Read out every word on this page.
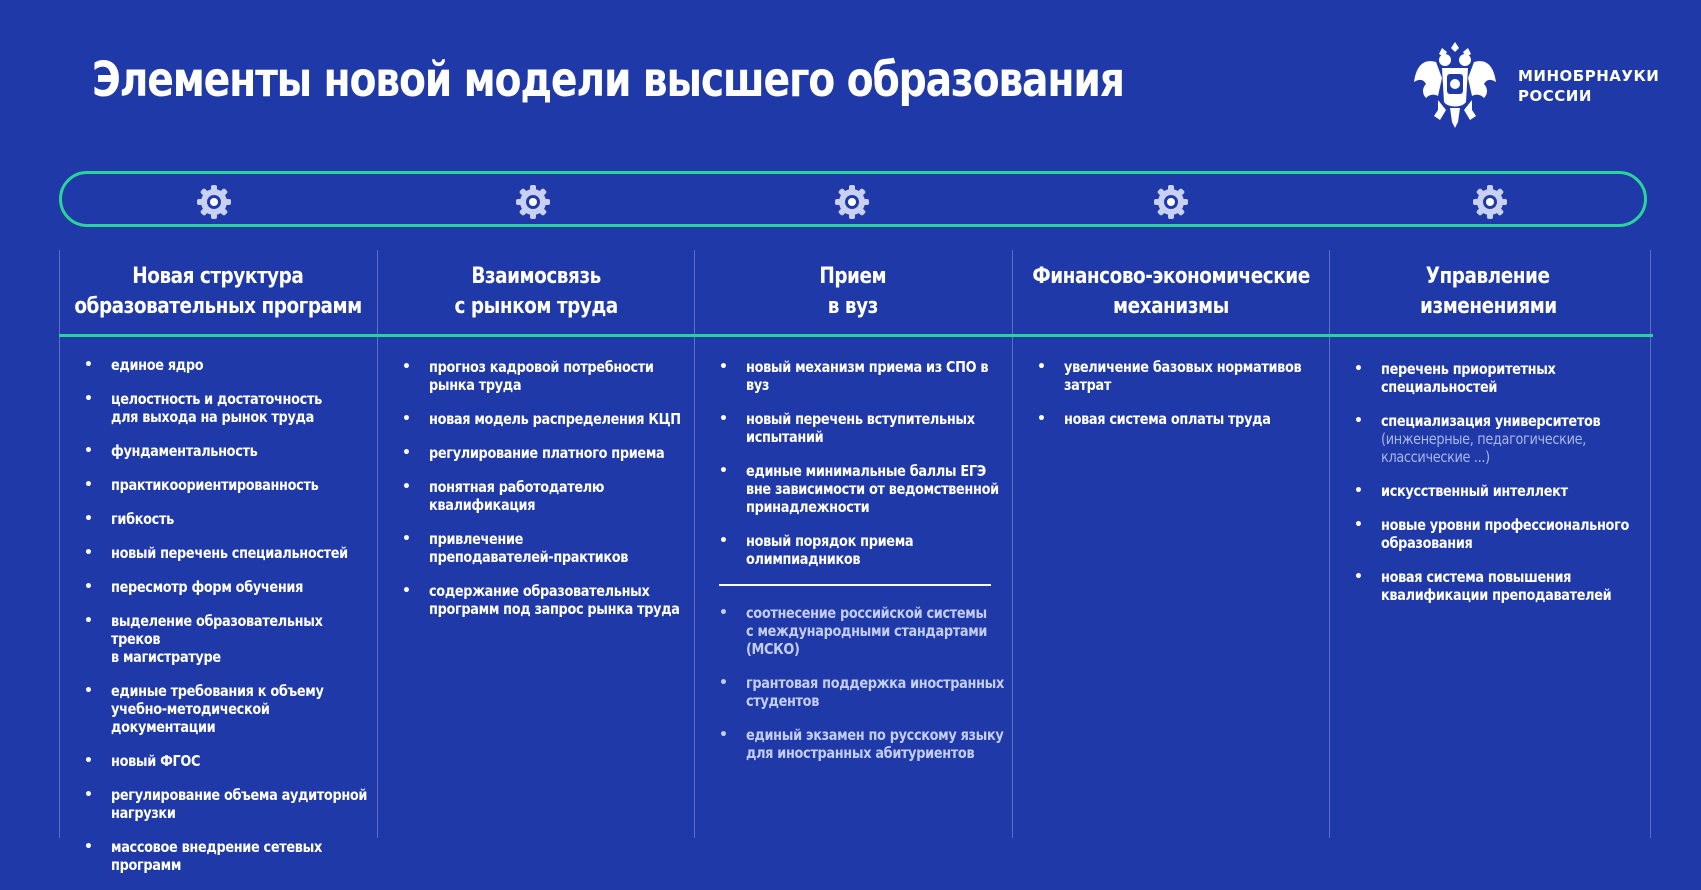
Элементы новой модели высшего образования	МИНОБРНАУКИ
РОССИИ
Новая структура
образовательных программ
• единое ядро
• целостность и достаточность
для выхода на рынок труда
• фундаментальность
• практикоориентированность
• гибкость
• новый перечень специальностей
• пересмотр форм обучения
• выделение образовательных треков
в магистратуре
• единые требования к объему
учебно-методической документации
• новый ФГОС
• регулирование объема аудиторной
нагрузки
• массовое внедрение сетевых
программ
Взаимосвязь
с рынком труда
• прогноз кадровой потребности
рынка труда
• новая модель распределения КЦП
• регулирование платного приема
• понятная работодателю
квалификация
• привлечение
преподавателей-практиков
• содержание образовательных
программ под запрос рынка труда
Прием
в вуз
• новый механизм приема из СПО в вуз
• новый перечень вступительных
испытаний
• единые минимальные баллы ЕГЭ
вне зависимости от ведомственной
принадлежности
• новый порядок приема
олимпиадников
• соотнесение российской системы
с международными стандартами
(МСКО)
• грантовая поддержка иностранных
студентов
• единый экзамен по русскому языку
для иностранных абитуриентов
Финансово-экономические
механизмы
• увеличение базовых нормативов
затрат
• новая система оплаты труда
Управление
изменениями
• перечень приоритетных
специальностей
• специализация университетов
(инженерные, педагогические,
классические ...)
• искусственный интеллект
• новые уровни профессионального
образования
• новая система повышения
квалификации преподавателей
